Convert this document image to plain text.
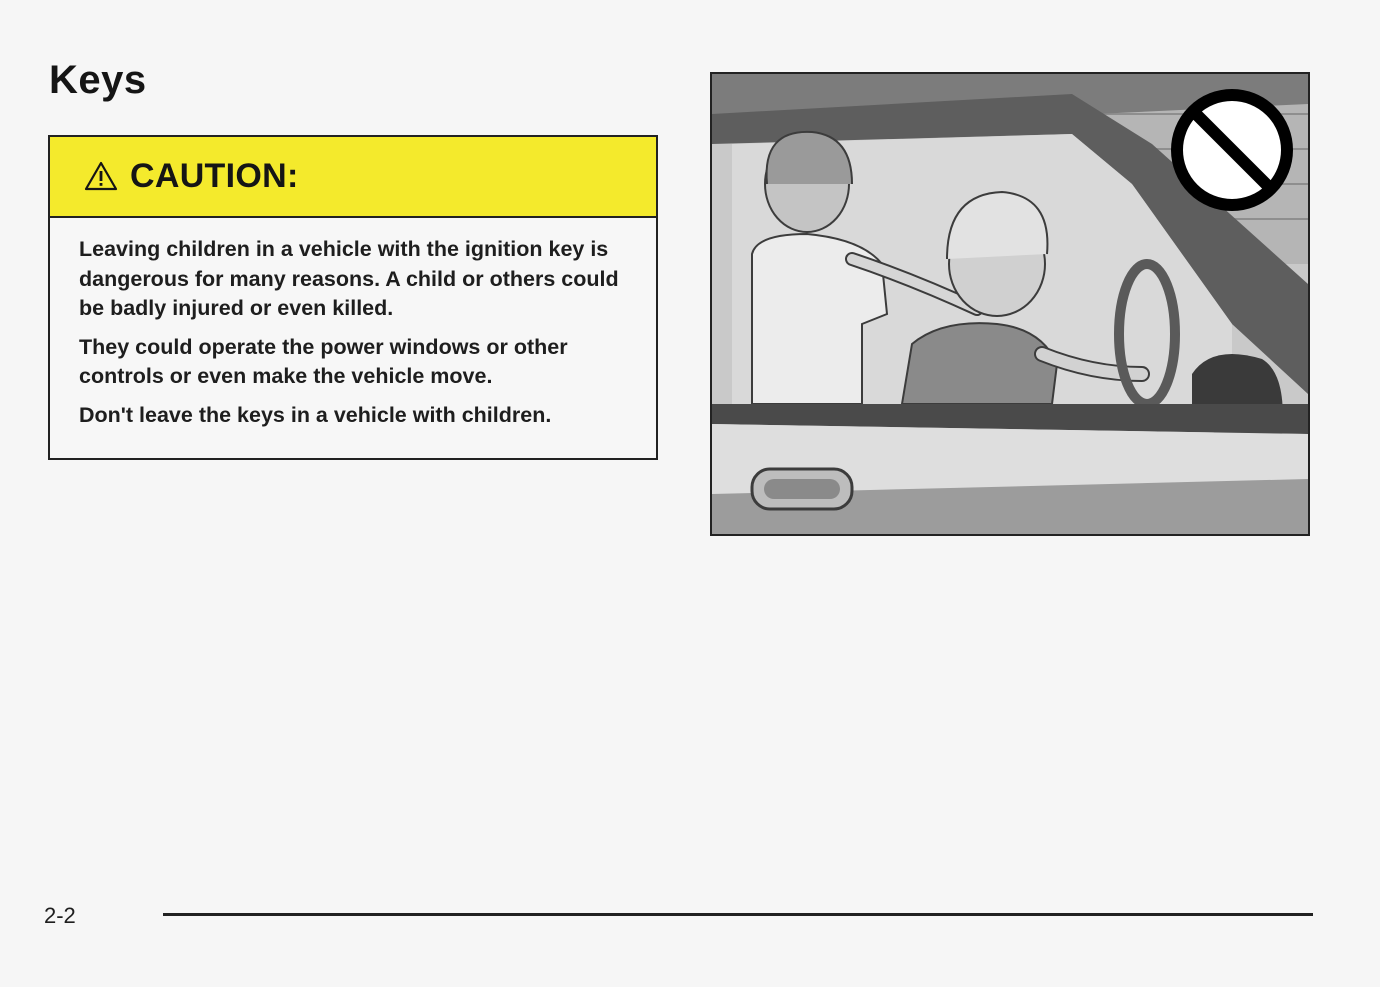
Keys
CAUTION:

Leaving children in a vehicle with the ignition key is dangerous for many reasons. A child or others could be badly injured or even killed.

They could operate the power windows or other controls or even make the vehicle move.

Don't leave the keys in a vehicle with children.

2-2
